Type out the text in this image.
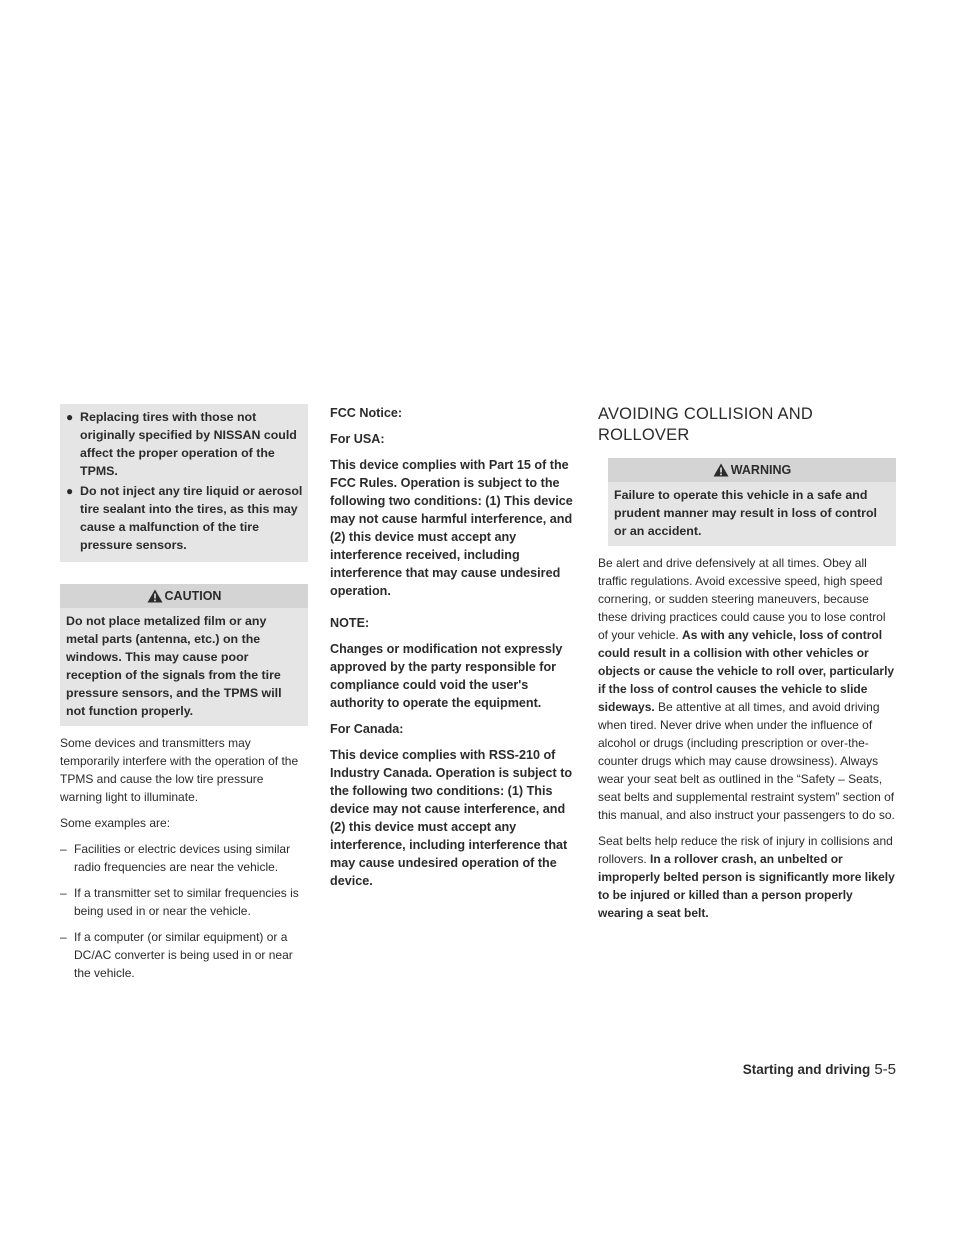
● Replacing tires with those not originally specified by NISSAN could affect the proper operation of the TPMS.
● Do not inject any tire liquid or aerosol tire sealant into the tires, as this may cause a malfunction of the tire pressure sensors.
CAUTION
Do not place metalized film or any metal parts (antenna, etc.) on the windows. This may cause poor reception of the signals from the tire pressure sensors, and the TPMS will not function properly.

Some devices and transmitters may temporarily interfere with the operation of the TPMS and cause the low tire pressure warning light to illuminate.

Some examples are:

– Facilities or electric devices using similar radio frequencies are near the vehicle.
– If a transmitter set to similar frequencies is being used in or near the vehicle.
– If a computer (or similar equipment) or a DC/AC converter is being used in or near the vehicle.

FCC Notice:

For USA:

This device complies with Part 15 of the FCC Rules. Operation is subject to the following two conditions: (1) This device may not cause harmful interference, and (2) this device must accept any interference received, including interference that may cause undesired operation.

NOTE:

Changes or modification not expressly approved by the party responsible for compliance could void the user's authority to operate the equipment.

For Canada:

This device complies with RSS-210 of Industry Canada. Operation is subject to the following two conditions: (1) This device may not cause interference, and (2) this device must accept any interference, including interference that may cause undesired operation of the device.

AVOIDING COLLISION AND ROLLOVER
WARNING
Failure to operate this vehicle in a safe and prudent manner may result in loss of control or an accident.

Be alert and drive defensively at all times. Obey all traffic regulations. Avoid excessive speed, high speed cornering, or sudden steering maneuvers, because these driving practices could cause you to lose control of your vehicle. As with any vehicle, loss of control could result in a collision with other vehicles or objects or cause the vehicle to roll over, particularly if the loss of control causes the vehicle to slide sideways. Be attentive at all times, and avoid driving when tired. Never drive when under the influence of alcohol or drugs (including prescription or over-the-counter drugs which may cause drowsiness). Always wear your seat belt as outlined in the “Safety – Seats, seat belts and supplemental restraint system” section of this manual, and also instruct your passengers to do so.

Seat belts help reduce the risk of injury in collisions and rollovers. In a rollover crash, an unbelted or improperly belted person is significantly more likely to be injured or killed than a person properly wearing a seat belt.

Starting and driving 5-5
